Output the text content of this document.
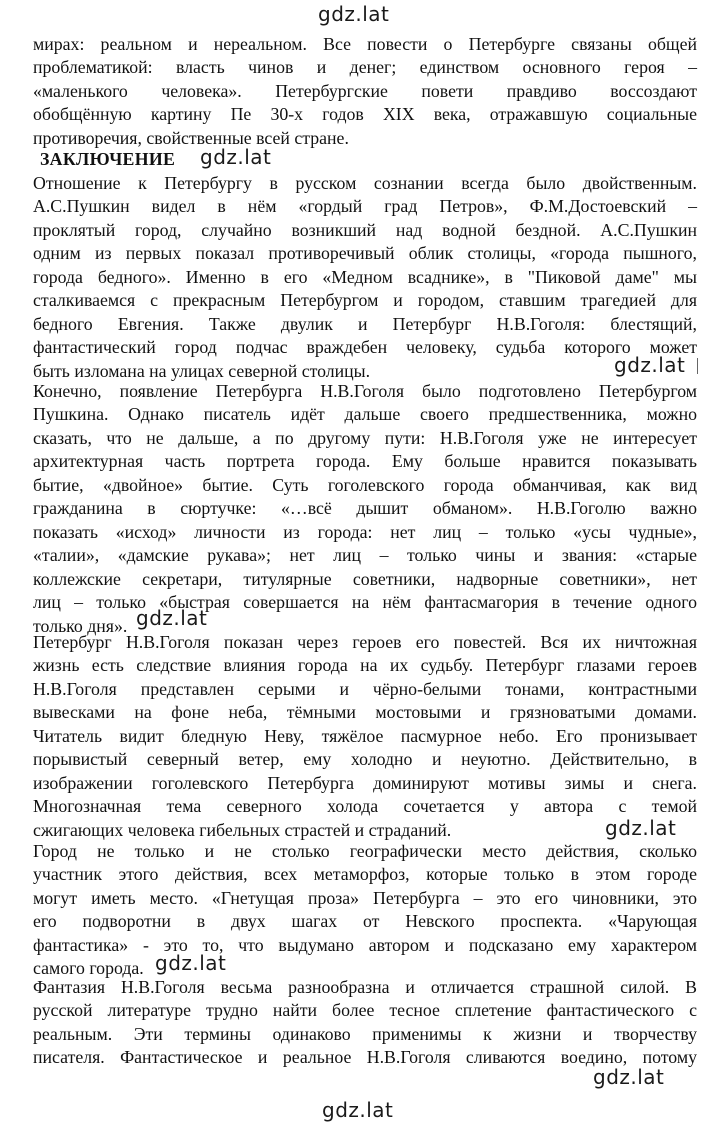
gdz.lat
мирах: реальном и нереальном. Все повести о Петербурге связаны общей
проблематикой: власть чинов и денег; единством основного героя –
«маленького человека». Петербургские повети правдиво воссоздают
обобщённую картину Пе 30-х годов XIX века, отражавшую социальные
противоречия, свойственные всей стране.
ЗАКЛЮЧЕНИЕ gdz.lat
Отношение к Петербургу в русском сознании всегда было двойственным.
А.С.Пушкин видел в нём «гордый град Петров», Ф.М.Достоевский –
проклятый город, случайно возникший над водной бездной. А.С.Пушкин
одним из первых показал противоречивый облик столицы, «города пышного,
города бедного». Именно в его «Медном всаднике», в "Пиковой даме" мы
сталкиваемся с прекрасным Петербургом и городом, ставшим трагедией для
бедного Евгения. Также двулик и Петербург Н.В.Гоголя: блестящий,
фантастический город подчас враждебен человеку, судьба которого может
быть изломана на улицах северной столицы.	gdz.lat
Конечно, появление Петербурга Н.В.Гоголя было подготовлено Петербургом
Пушкина. Однако писатель идёт дальше своего предшественника, можно
сказать, что не дальше, а по другому пути: Н.В.Гоголя уже не интересует
архитектурная часть портрета города. Ему больше нравится показывать
бытие, «двойное» бытие. Суть гоголевского города обманчивая, как вид
гражданина в сюртучке: «…всё дышит обманом». Н.В.Гоголю важно
показать «исход» личности из города: нет лиц – только «усы чудные»,
«талии», «дамские рукава»; нет лиц – только чины и звания: «старые
коллежские секретари, титулярные советники, надворные советники», нет
лиц – только «быстрая совершается на нём фантасмагория в течение одного
только дня». gdz.lat
Петербург Н.В.Гоголя показан через героев его повестей. Вся их ничтожная
жизнь есть следствие влияния города на их судьбу. Петербург глазами героев
Н.В.Гоголя представлен серыми и чёрно-белыми тонами, контрастными
вывесками на фоне неба, тёмными мостовыми и грязноватыми домами.
Читатель видит бледную Неву, тяжёлое пасмурное небо. Его пронизывает
порывистый северный ветер, ему холодно и неуютно. Действительно, в
изображении гоголевского Петербурга доминируют мотивы зимы и снега.
Многозначная тема северного холода сочетается у автора с темой
сжигающих человека гибельных страстей и страданий.	gdz.lat
Город не только и не столько географически место действия, сколько
участник этого действия, всех метаморфоз, которые только в этом городе
могут иметь место. «Гнетущая проза» Петербурга – это его чиновники, это
его подворотни в двух шагах от Невского проспекта. «Чарующая
фантастика» - это то, что выдумано автором и подсказано ему характером
самого города. gdz.lat
Фантазия Н.В.Гоголя весьма разнообразна и отличается страшной силой. В
русской литературе трудно найти более тесное сплетение фантастического с
реальным. Эти термины одинаково применимы к жизни и творчеству
писателя. Фантастическое и реальное Н.В.Гоголя сливаются воедино, потому
gdz.lat
gdz.lat
